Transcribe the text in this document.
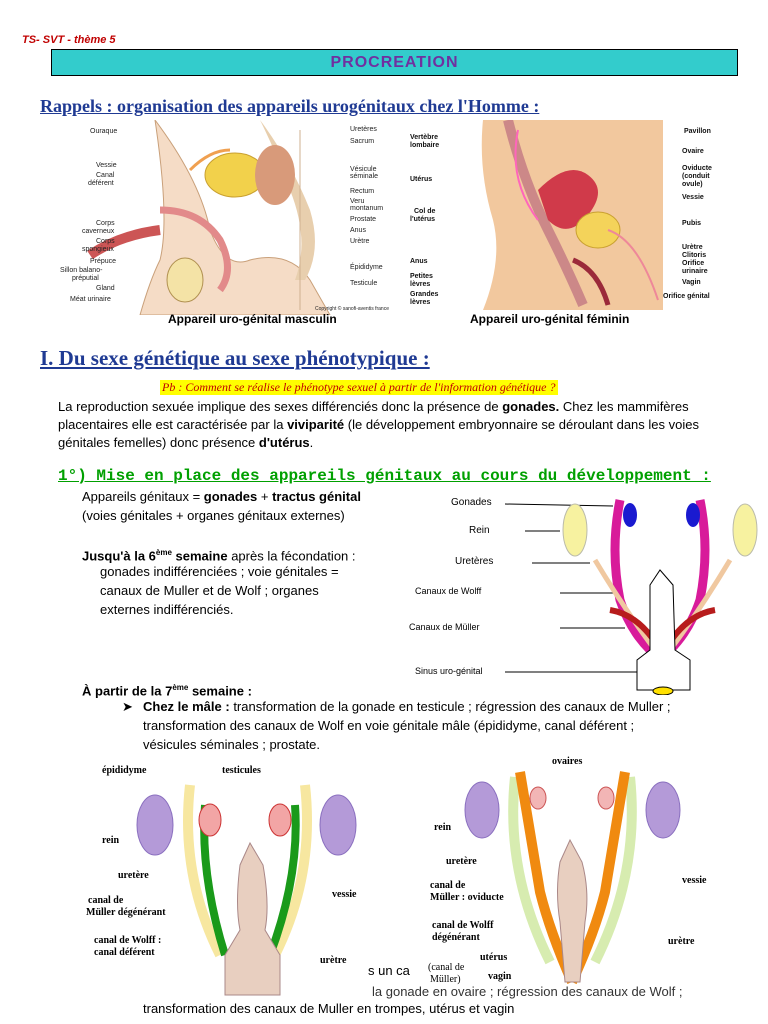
TS- SVT - thème 5
PROCREATION
Rappels : organisation des appareils urogénitaux chez l'Homme :
Ouraque
Vessie
Canal
déférent
Corps
caverneux
Corps
spongieux
Prépuce
Sillon balano-
préputial
Gland
Méat urinaire
Uretères
Sacrum
Vésicule
séminale
Rectum
Veru
montanum
Prostate
Anus
Urètre
Épididyme
Testicule
Copyright © sanofi-aventis france
Appareil uro-génital masculin
Vertèbre
lombaire
Utérus
Col de
l'utérus
Anus
Petites
lèvres
Grandes
lèvres
Pavillon
Ovaire
Oviducte
(conduit
ovule)
Vessie
Pubis
Urètre
Clitoris
Orifice
urinaire
Vagin
Orifice génital
Appareil uro-génital féminin
I. Du sexe génétique au sexe phénotypique :
Pb : Comment se réalise le phénotype sexuel à partir de l'information génétique ?
La reproduction sexuée implique des sexes différenciés donc la présence de gonades. Chez les mammifères placentaires elle est caractérisée par la viviparité (le développement embryonnaire se déroulant dans les voies génitales femelles) donc présence d'utérus.
1°) Mise en place des appareils génitaux au cours du développement :
Appareils génitaux = gonades + tractus génital
(voies génitales + organes génitaux externes)
Jusqu'à la 6ème semaine après la fécondation :
gonades indifférenciées ; voie génitales =
canaux de Muller et de Wolf ; organes
externes indifférenciés.
Gonades
Rein
Uretères
Canaux de Wolff
Canaux de Müller
Sinus uro-génital
À partir de la 7ème semaine :
➤ Chez le mâle : transformation de la gonade en testicule ; régression des canaux de Muller ;
transformation des canaux de Wolf en voie génitale mâle (épididyme, canal déférent ;
vésicules séminales ; prostate.
épididyme	testicules
rein
uretère
canal de
Müller dégénérant
canal de Wolff :
canal déférent
vessie
urètre
s un ca
la gonade en ovaire ; régression des canaux de Wolf ;
transformation des canaux de Muller en trompes, utérus et vagin
ovaires
rein
uretère
canal de
Müller : oviducte
canal de Wolff
dégénérant
utérus
(canal de
Müller)	vagin
vessie
urètre
